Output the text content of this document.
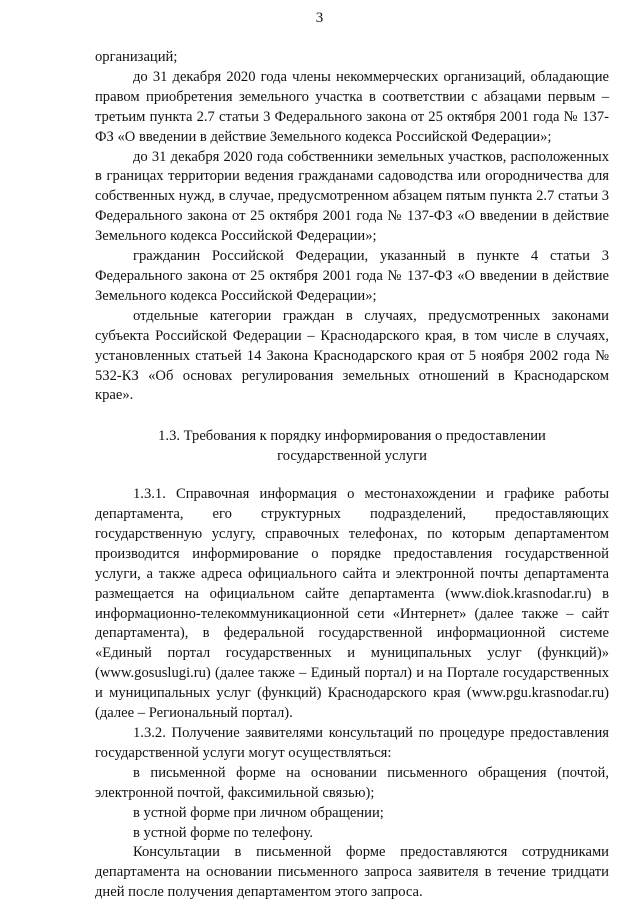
3

организаций;

до 31 декабря 2020 года члены некоммерческих организаций, обладающие правом приобретения земельного участка в соответствии с абзацами первым – третьим пункта 2.7 статьи 3 Федерального закона от 25 октября 2001 года № 137-ФЗ «О введении в действие Земельного кодекса Российской Федерации»;

до 31 декабря 2020 года собственники земельных участков, расположенных в границах территории ведения гражданами садоводства или огородничества для собственных нужд, в случае, предусмотренном абзацем пятым пункта 2.7 статьи 3 Федерального закона от 25 октября 2001 года № 137-ФЗ «О введении в действие Земельного кодекса Российской Федерации»;

гражданин Российской Федерации, указанный в пункте 4 статьи 3 Федерального закона от 25 октября 2001 года № 137-ФЗ «О введении в действие Земельного кодекса Российской Федерации»;

отдельные категории граждан в случаях, предусмотренных законами субъекта Российской Федерации – Краснодарского края, в том числе в случаях, установленных статьей 14 Закона Краснодарского края от 5 ноября 2002 года № 532-КЗ «Об основах регулирования земельных отношений в Краснодарском крае».

1.3. Требования к порядку информирования о предоставлении государственной услуги

1.3.1. Справочная информация о местонахождении и графике работы департамента, его структурных подразделений, предоставляющих государственную услугу, справочных телефонах, по которым департаментом производится информирование о порядке предоставления государственной услуги, а также адреса официального сайта и электронной почты департамента размещается на официальном сайте департамента (www.diok.krasnodar.ru) в информационно-телекоммуникационной сети «Интернет» (далее также – сайт департамента), в федеральной государственной информационной системе «Единый портал государственных и муниципальных услуг (функций)» (www.gosuslugi.ru) (далее также – Единый портал) и на Портале государственных и муниципальных услуг (функций) Краснодарского края (www.pgu.krasnodar.ru) (далее – Региональный портал).

1.3.2. Получение заявителями консультаций по процедуре предоставления государственной услуги могут осуществляться:

в письменной форме на основании письменного обращения (почтой, электронной почтой, факсимильной связью);

в устной форме при личном обращении;

в устной форме по телефону.

Консультации в письменной форме предоставляются сотрудниками департамента на основании письменного запроса заявителя в течение тридцати дней после получения департаментом этого запроса.
